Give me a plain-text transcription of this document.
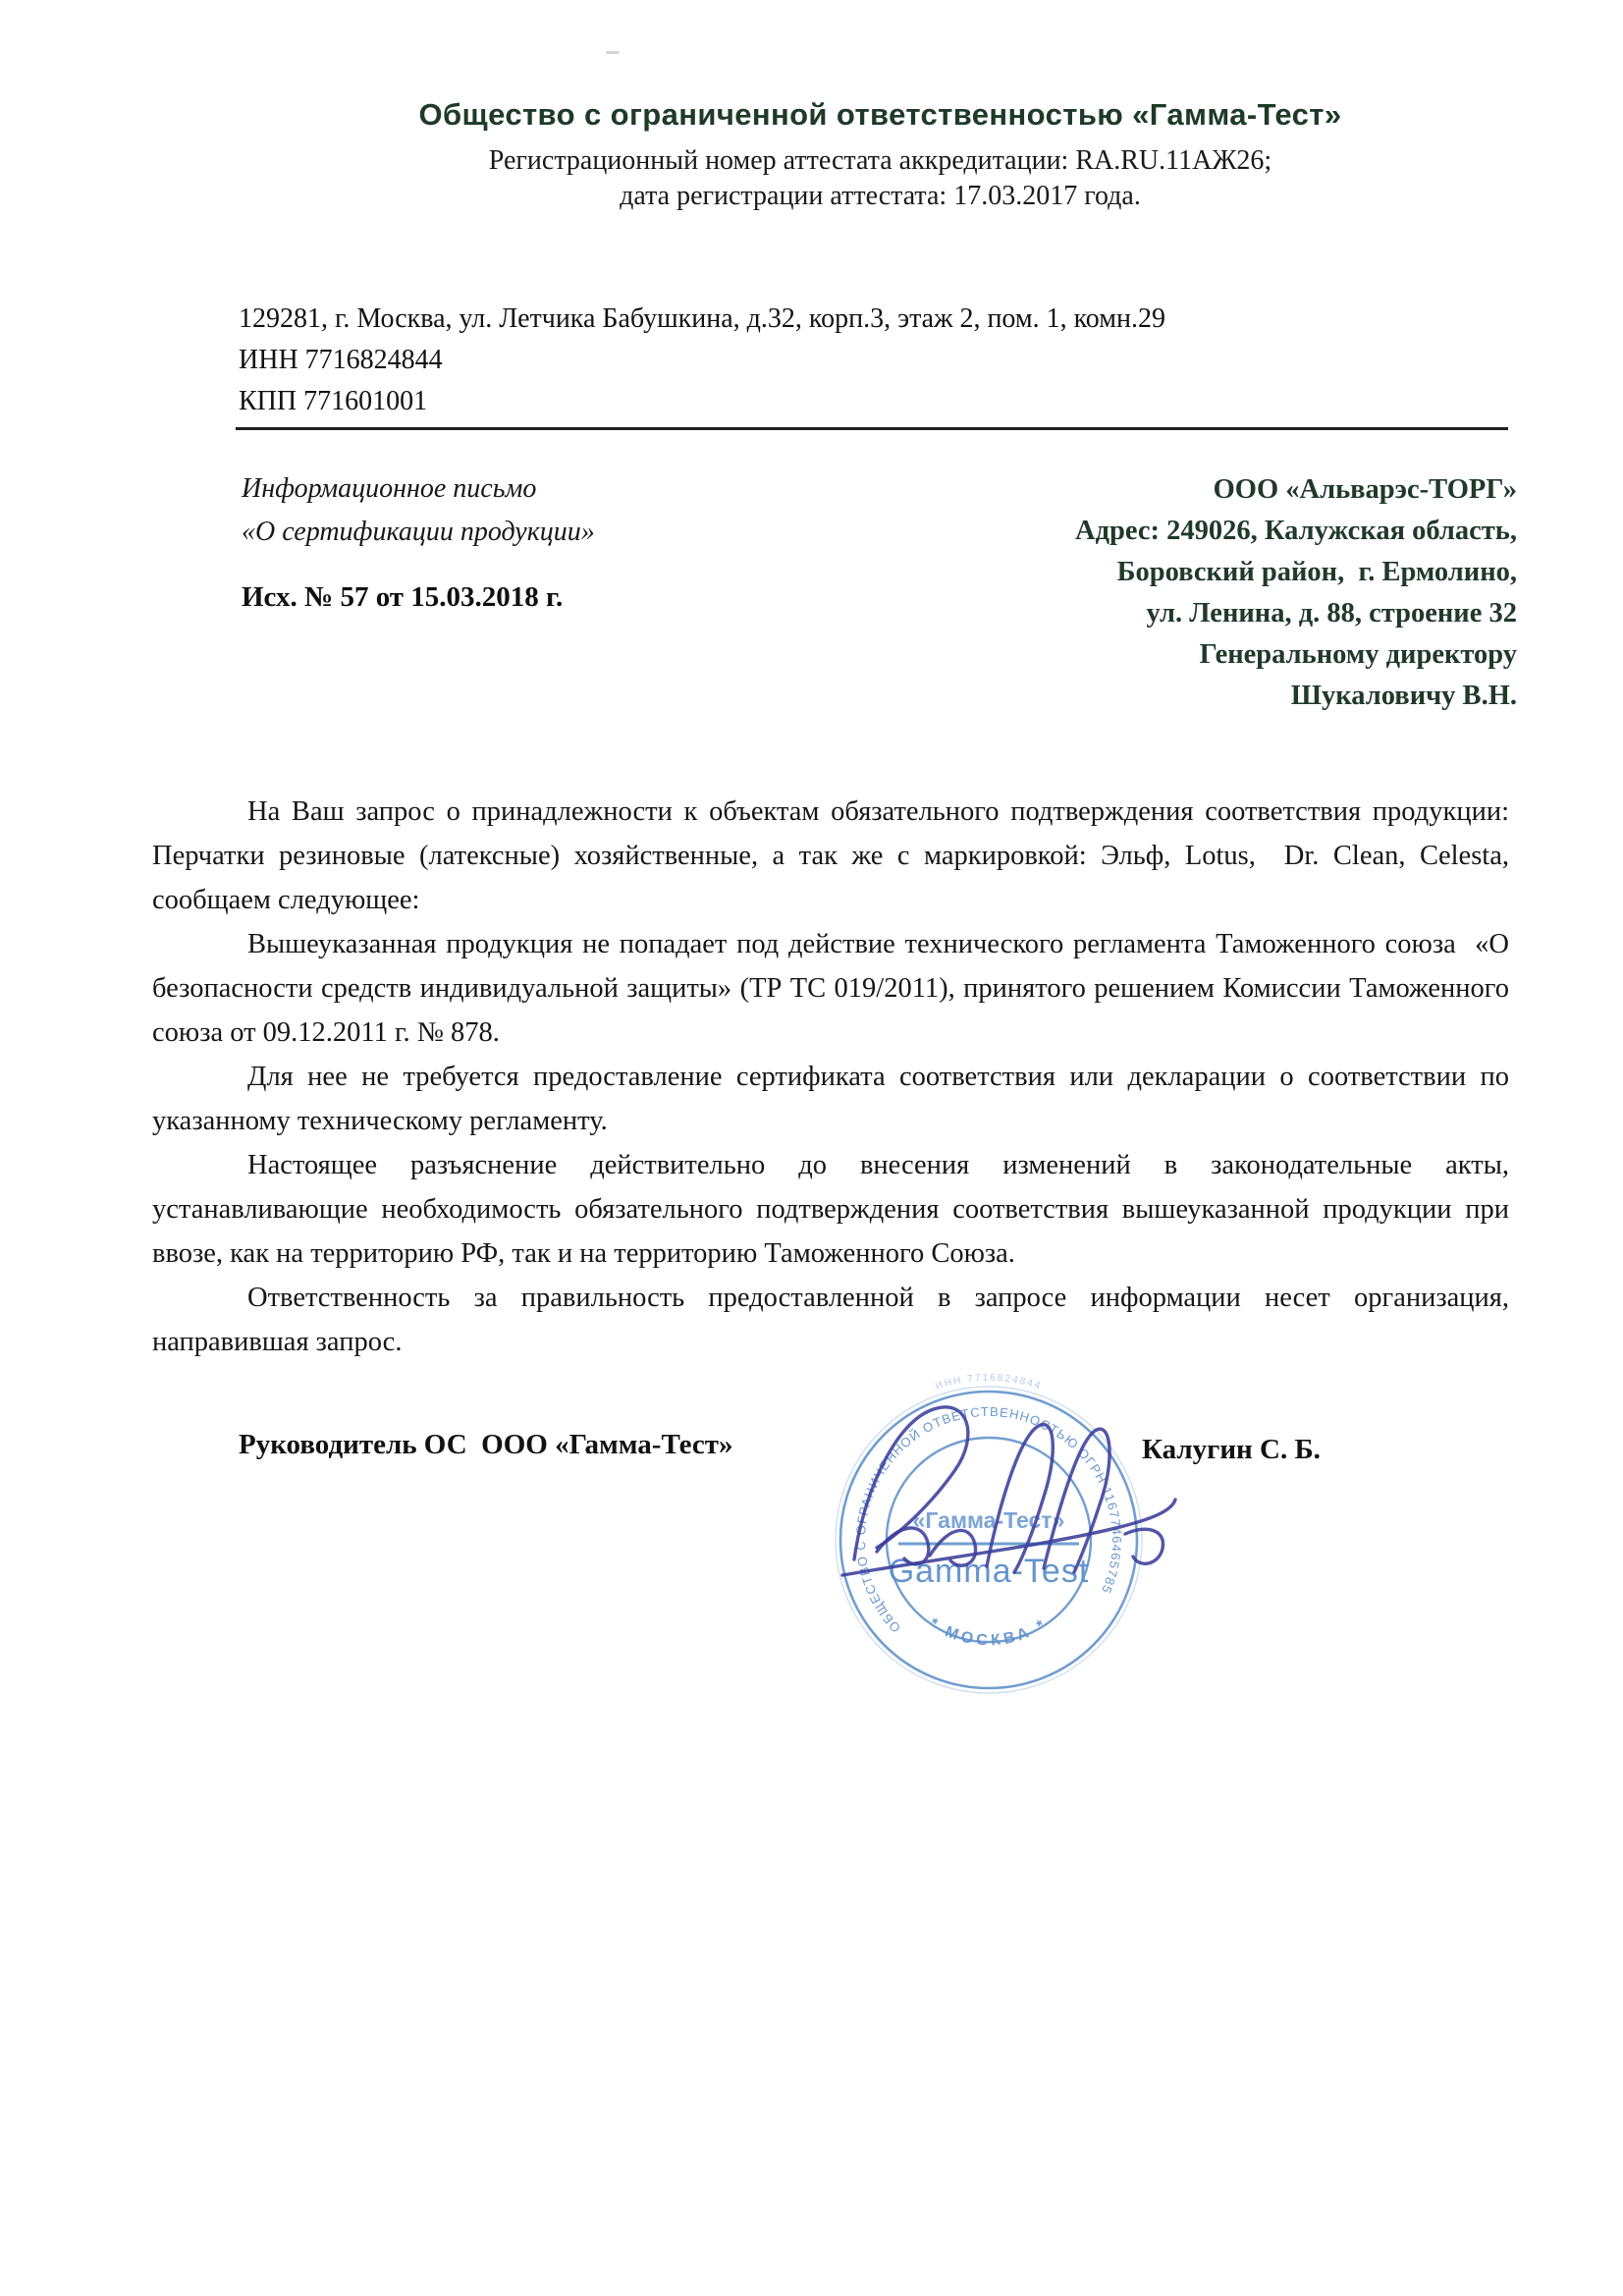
Общество с ограниченной ответственностью «Гамма-Тест»
Регистрационный номер аттестата аккредитации: RA.RU.11АЖ26;
дата регистрации аттестата: 17.03.2017 года.
129281, г. Москва, ул. Летчика Бабушкина, д.32, корп.3, этаж 2, пом. 1, комн.29
ИНН 7716824844
КПП 771601001
Информационное письмо
«О сертификации продукции»
Исх. № 57 от 15.03.2018 г.
ООО «Альварэс-ТОРГ»
Адрес: 249026, Калужская область,
Боровский район,  г. Ермолино,
ул. Ленина, д. 88, строение 32
Генеральному директору
Шукаловичу В.Н.

На Ваш запрос о принадлежности к объектам обязательного подтверждения соответствия продукции: Перчатки резиновые (латексные) хозяйственные, а так же с маркировкой: Эльф, Lotus,  Dr. Clean, Celesta, сообщаем следующее:

Вышеуказанная продукция не попадает под действие технического регламента Таможенного союза  «О безопасности средств индивидуальной защиты» (ТР ТС 019/2011), принятого решением Комиссии Таможенного союза от 09.12.2011 г. № 878.

Для нее не требуется предоставление сертификата соответствия или декларации о соответствии по указанному техническому регламенту.

Настоящее разъяснение действительно до внесения изменений в законодательные акты, устанавливающие необходимость обязательного подтверждения соответствия вышеуказанной продукции при ввозе, как на территорию РФ, так и на территорию Таможенного Союза.

Ответственность за правильность предоставленной в запросе информации несет организация, направившая запрос.

Руководитель ОС  ООО «Гамма-Тест»	Калугин С. Б.
ИНН 7716824844
ОБЩЕСТВО С ОГРАНИЧЕННОЙ ОТВЕТСТВЕННОСТЬЮ ОГРН 1167746465785
* МОСКВА *
«Гамма-Тест»
Gamma-Test
